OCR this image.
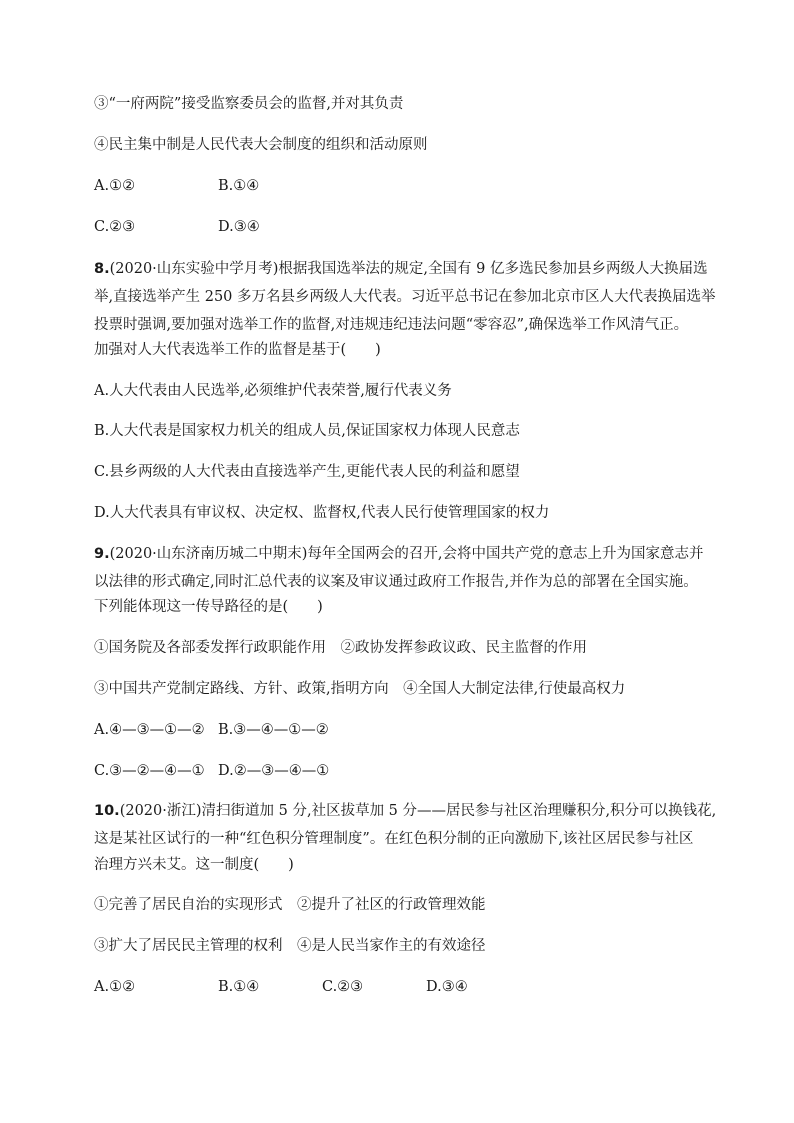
③“一府两院”接受监察委员会的监督,并对其负责
④民主集中制是人民代表大会制度的组织和活动原则
A.①②	B.①④
C.②③	D.③④
8.(2020·山东实验中学月考)根据我国选举法的规定,全国有 9 亿多选民参加县乡两级人大换届选
举,直接选举产生 250 多万名县乡两级人大代表。习近平总书记在参加北京市区人大代表换届选举
投票时强调,要加强对选举工作的监督,对违规违纪违法问题“零容忍”,确保选举工作风清气正。
加强对人大代表选举工作的监督是基于(　　)
A.人大代表由人民选举,必须维护代表荣誉,履行代表义务
B.人大代表是国家权力机关的组成人员,保证国家权力体现人民意志
C.县乡两级的人大代表由直接选举产生,更能代表人民的利益和愿望
D.人大代表具有审议权、决定权、监督权,代表人民行使管理国家的权力
9.(2020·山东济南历城二中期末)每年全国两会的召开,会将中国共产党的意志上升为国家意志并
以法律的形式确定,同时汇总代表的议案及审议通过政府工作报告,并作为总的部署在全国实施。
下列能体现这一传导路径的是(　　)
①国务院及各部委发挥行政职能作用　②政协发挥参政议政、民主监督的作用
③中国共产党制定路线、方针、政策,指明方向　④全国人大制定法律,行使最高权力
A.④—③—①—② B.③—④—①—②
C.③—②—④—① D.②—③—④—①
10.(2020·浙江)清扫街道加 5 分,社区拔草加 5 分——居民参与社区治理赚积分,积分可以换钱花,
这是某社区试行的一种“红色积分管理制度”。在红色积分制的正向激励下,该社区居民参与社区
治理方兴未艾。这一制度(　　)
①完善了居民自治的实现形式　②提升了社区的行政管理效能
③扩大了居民民主管理的权利　④是人民当家作主的有效途径
A.①②	B.①④	C.②③	D.③④
